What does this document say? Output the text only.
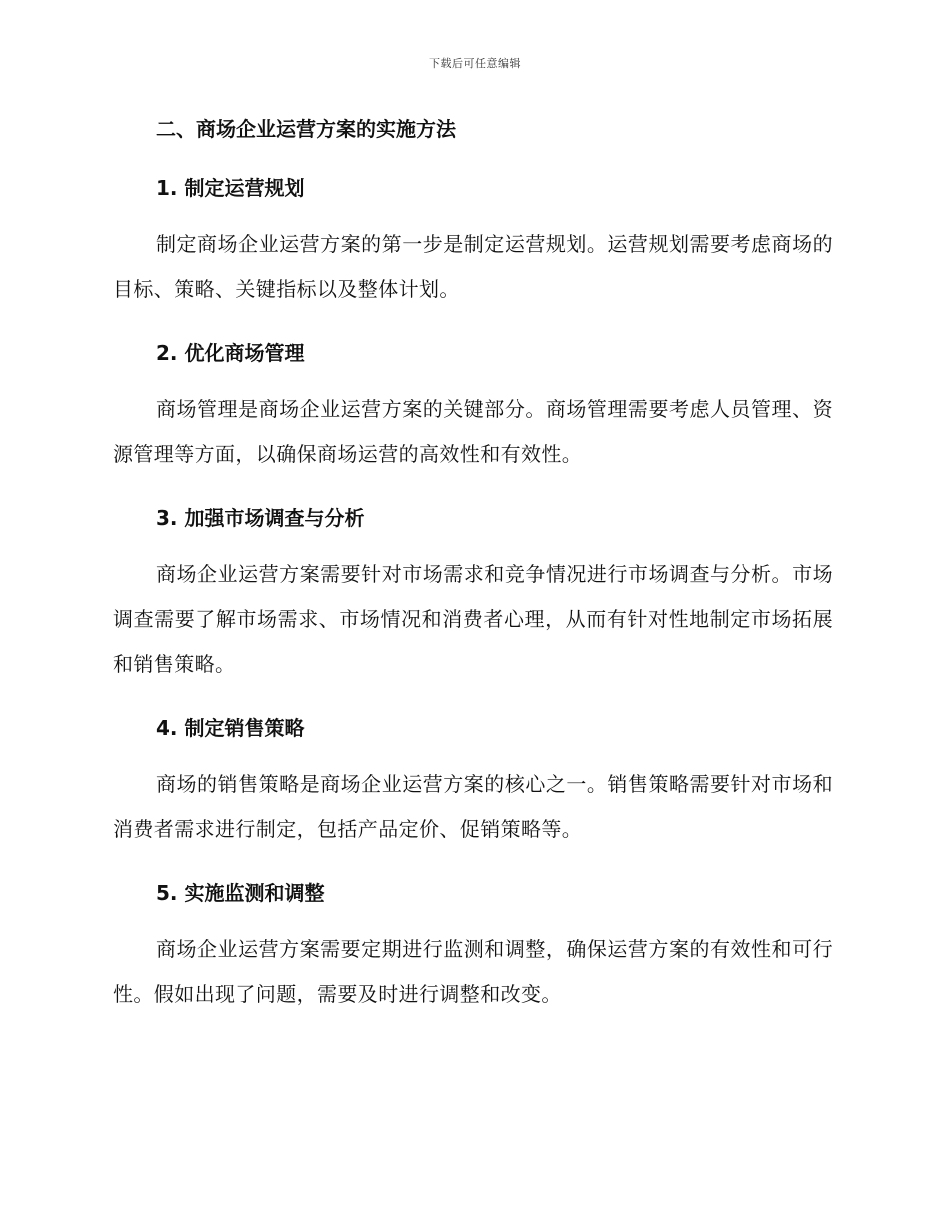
下载后可任意编辑
二、商场企业运营方案的实施方法
1. 制定运营规划
制定商场企业运营方案的第一步是制定运营规划。运营规划需要考虑商场的目标、策略、关键指标以及整体计划。
2. 优化商场管理
商场管理是商场企业运营方案的关键部分。商场管理需要考虑人员管理、资源管理等方面，以确保商场运营的高效性和有效性。
3. 加强市场调查与分析
商场企业运营方案需要针对市场需求和竞争情况进行市场调查与分析。市场调查需要了解市场需求、市场情况和消费者心理，从而有针对性地制定市场拓展和销售策略。
4. 制定销售策略
商场的销售策略是商场企业运营方案的核心之一。销售策略需要针对市场和消费者需求进行制定，包括产品定价、促销策略等。
5. 实施监测和调整
商场企业运营方案需要定期进行监测和调整，确保运营方案的有效性和可行性。假如出现了问题，需要及时进行调整和改变。
